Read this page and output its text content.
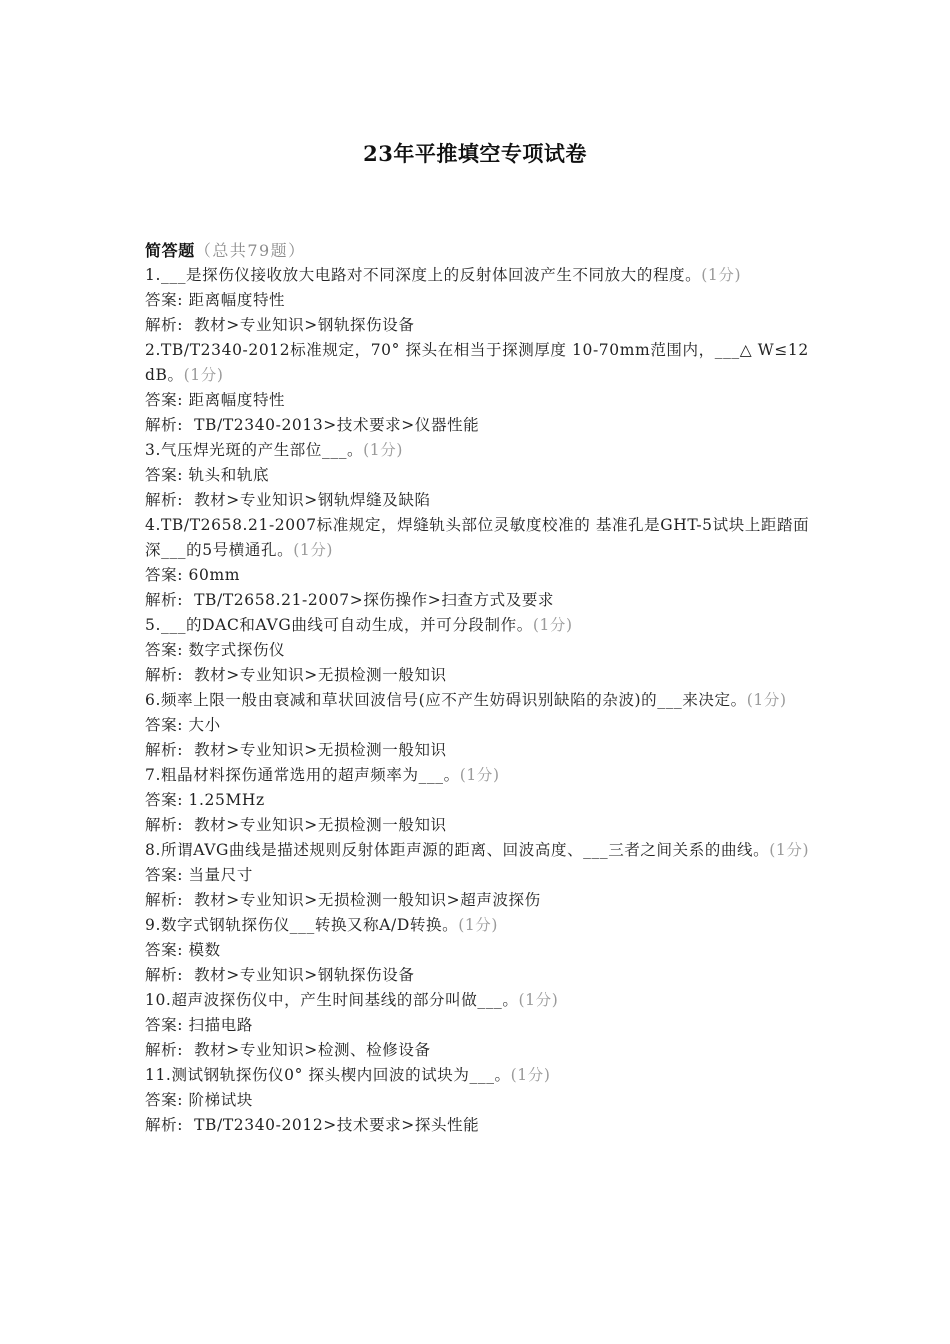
23年平推填空专项试卷
简答题（总共79题）
1.___是探伤仪接收放大电路对不同深度上的反射体回波产生不同放大的程度。(1分)
答案: 距离幅度特性
解析:  教材>专业知识>钢轨探伤设备
2.TB/T2340-2012标准规定，70° 探头在相当于探测厚度 10-70mm范围内，___△ W≤12dB。(1分)
答案: 距离幅度特性
解析:  TB/T2340-2013>技术要求>仪器性能
3.气压焊光斑的产生部位___。(1分)
答案: 轨头和轨底
解析:  教材>专业知识>钢轨焊缝及缺陷
4.TB/T2658.21-2007标准规定，焊缝轨头部位灵敏度校准的 基准孔是GHT-5试块上距踏面深___的5号横通孔。(1分)
答案: 60mm
解析:  TB/T2658.21-2007>探伤操作>扫查方式及要求
5.___的DAC和AVG曲线可自动生成，并可分段制作。(1分)
答案: 数字式探伤仪
解析:  教材>专业知识>无损检测一般知识
6.频率上限一般由衰减和草状回波信号(应不产生妨碍识别缺陷的杂波)的___来决定。(1分)
答案: 大小
解析:  教材>专业知识>无损检测一般知识
7.粗晶材料探伤通常选用的超声频率为___。(1分)
答案: 1.25MHz
解析:  教材>专业知识>无损检测一般知识
8.所谓AVG曲线是描述规则反射体距声源的距离、回波高度、___三者之间关系的曲线。(1分)
答案: 当量尺寸
解析:  教材>专业知识>无损检测一般知识>超声波探伤
9.数字式钢轨探伤仪___转换又称A/D转换。(1分)
答案: 模数
解析:  教材>专业知识>钢轨探伤设备
10.超声波探伤仪中，产生时间基线的部分叫做___。(1分)
答案: 扫描电路
解析:  教材>专业知识>检测、检修设备
11.测试钢轨探伤仪0° 探头楔内回波的试块为___。(1分)
答案: 阶梯试块
解析:  TB/T2340-2012>技术要求>探头性能
